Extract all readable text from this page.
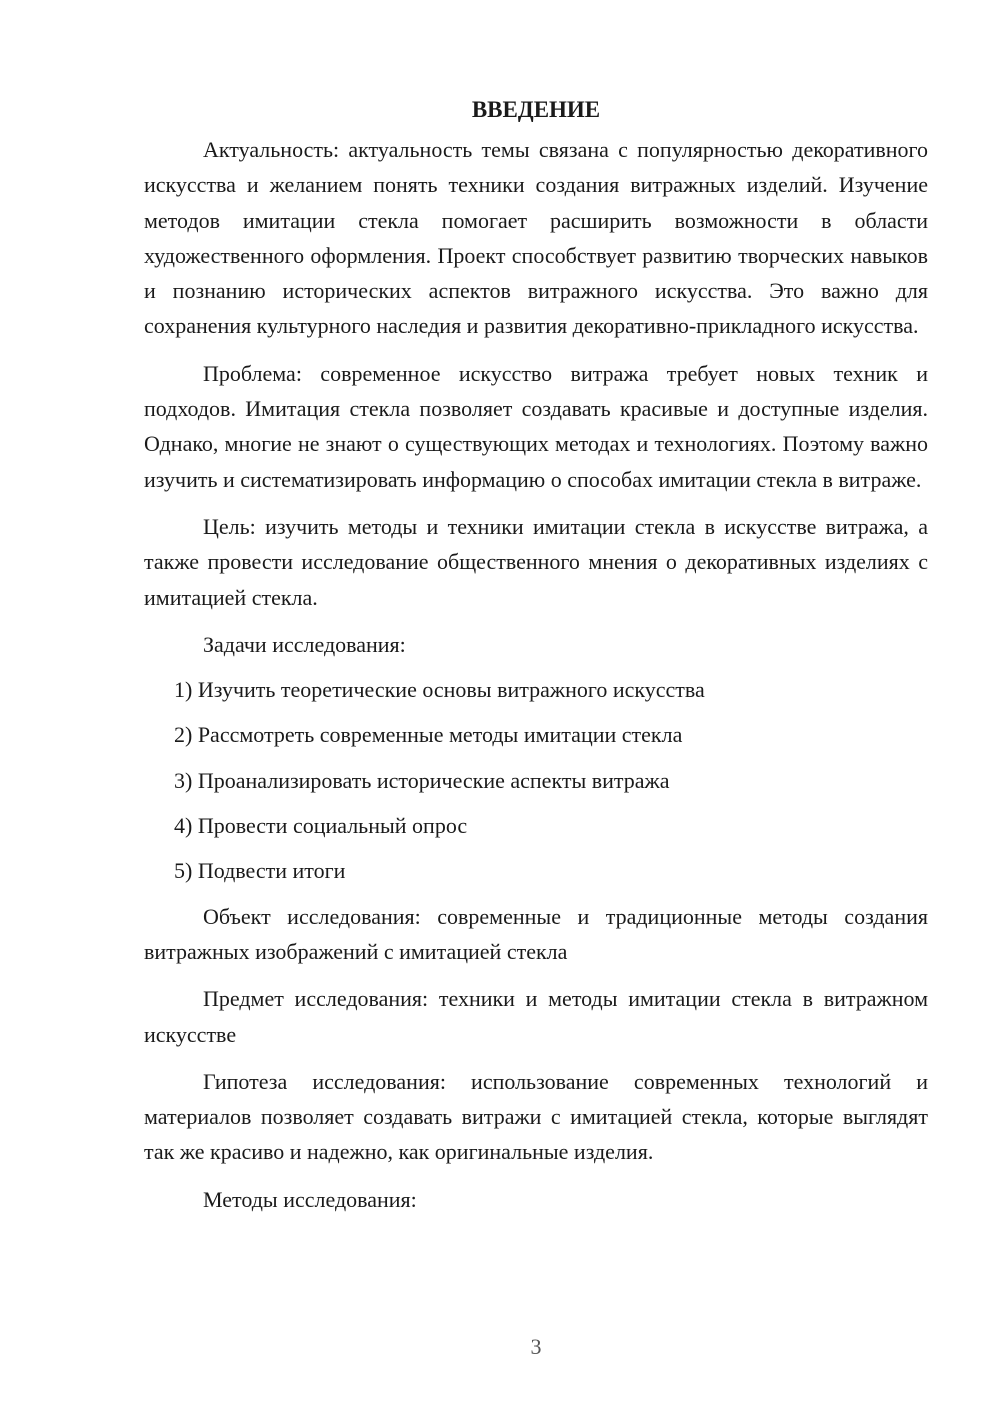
ВВЕДЕНИЕ

Актуальность: актуальность темы связана с популярностью декоративного искусства и желанием понять техники создания витражных изделий. Изучение методов имитации стекла помогает расширить возможности в области художественного оформления. Проект способствует развитию творческих навыков и познанию исторических аспектов витражного искусства. Это важно для сохранения культурного наследия и развития декоративно-прикладного искусства.

Проблема: современное искусство витража требует новых техник и подходов. Имитация стекла позволяет создавать красивые и доступные изделия. Однако, многие не знают о существующих методах и технологиях. Поэтому важно изучить и систематизировать информацию о способах имитации стекла в витраже.

Цель: изучить методы и техники имитации стекла в искусстве витража, а также провести исследование общественного мнения о декоративных изделиях с имитацией стекла.

Задачи исследования:

1) Изучить теоретические основы витражного искусства
2) Рассмотреть современные методы имитации стекла
3) Проанализировать исторические аспекты витража
4) Провести социальный опрос
5) Подвести итоги

Объект исследования: современные и традиционные методы создания витражных изображений с имитацией стекла

Предмет исследования: техники и методы имитации стекла в витражном искусстве

Гипотеза исследования: использование современных технологий и материалов позволяет создавать витражи с имитацией стекла, которые выглядят так же красиво и надежно, как оригинальные изделия.

Методы исследования:

3
